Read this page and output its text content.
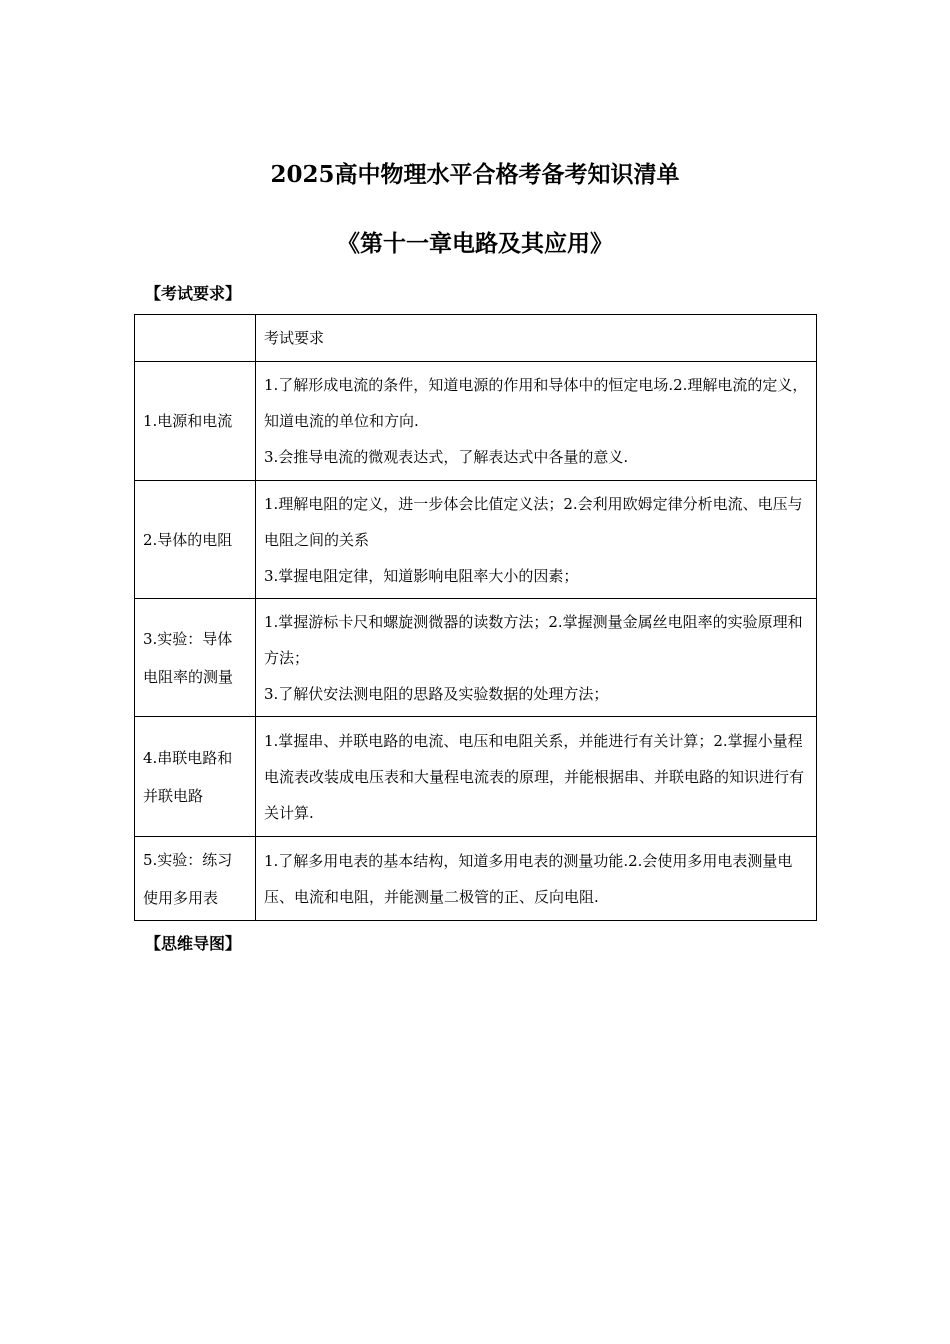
2025高中物理水平合格考备考知识清单
《第十一章电路及其应用》

【考试要求】

	考试要求
1.电源和电流	1.了解形成电流的条件，知道电源的作用和导体中的恒定电场.2.理解电流的定义，知道电流的单位和方向.
3.会推导电流的微观表达式，了解表达式中各量的意义.

2.导体的电阻	1.理解电阻的定义，进一步体会比值定义法；2.会利用欧姆定律分析电流、电压与电阻之间的关系
3.掌握电阻定律，知道影响电阻率大小的因素；

3.实验：导体电阻率的测量	1.掌握游标卡尺和螺旋测微器的读数方法；2.掌握测量金属丝电阻率的实验原理和方法；
3.了解伏安法测电阻的思路及实验数据的处理方法；

4.串联电路和并联电路	1.掌握串、并联电路的电流、电压和电阻关系，并能进行有关计算；2.掌握小量程电流表改装成电压表和大量程电流表的原理，并能根据串、并联电路的知识进行有关计算.

5.实验：练习使用多用表	1.了解多用电表的基本结构，知道多用电表的测量功能.2.会使用多用电表测量电压、电流和电阻，并能测量二极管的正、反向电阻.

【思维导图】
